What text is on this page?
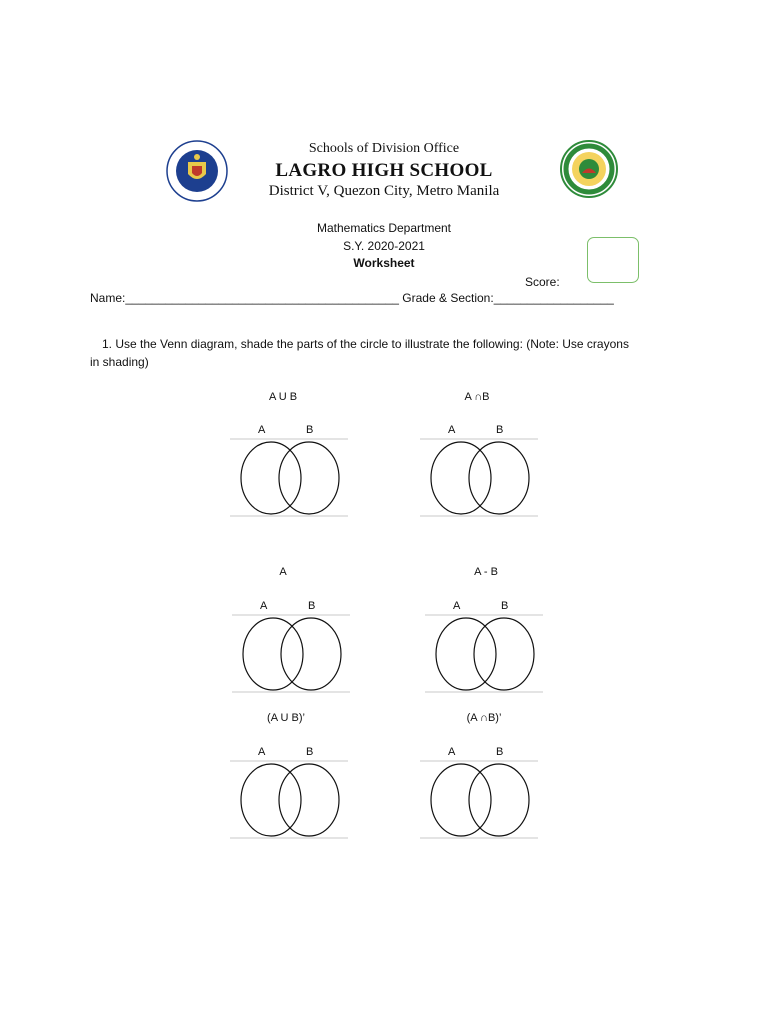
Schools of Division Office
LAGRO HIGH SCHOOL
District V, Quezon City, Metro Manila
Mathematics Department
S.Y. 2020-2021
Worksheet
Score:
Name:_________________________________________ Grade & Section:__________________
1. Use the Venn diagram, shade the parts of the circle to illustrate the following: (Note: Use crayons
in shading)
A U B
A	B
A ∩B
A	B
A
A	B
A - B
A	B
(A U B)’
A	B
(A ∩B)’
A	B
